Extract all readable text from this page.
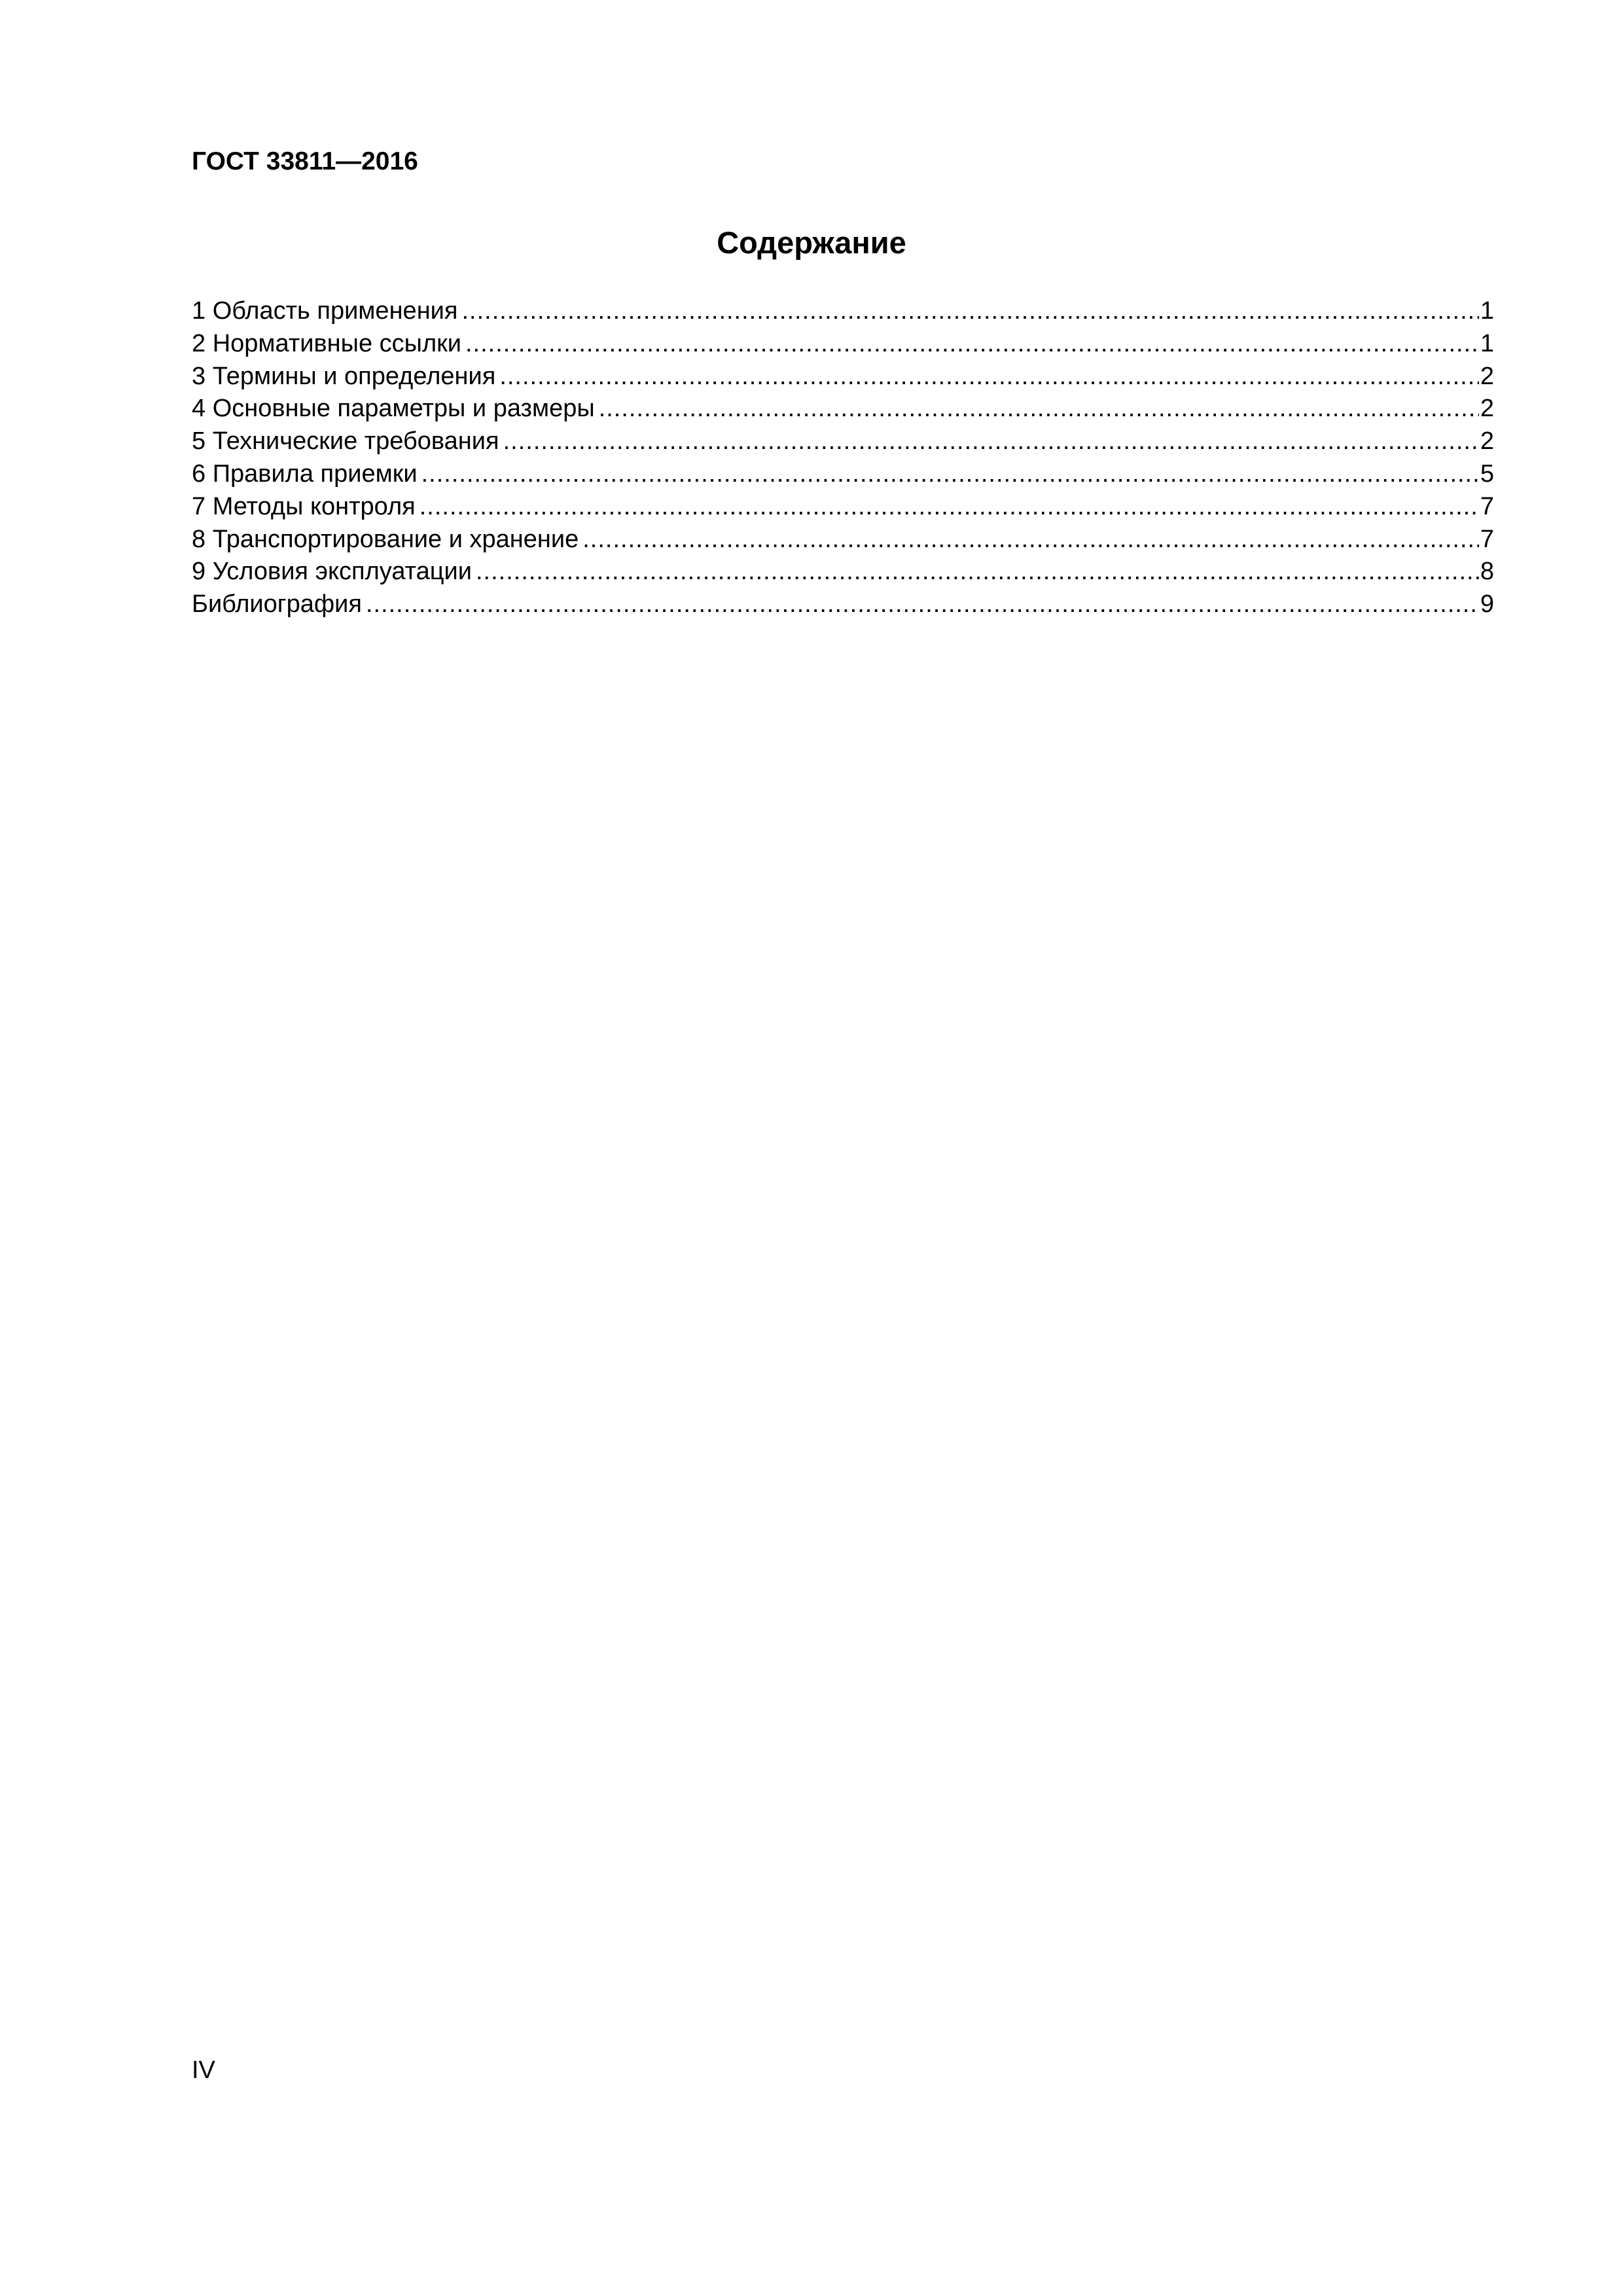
ГОСТ 33811—2016
Содержание
1 Область применения .....	1
2 Нормативные ссылки .....	1
3 Термины и определения .....	2
4 Основные параметры и размеры .....	2
5 Технические требования .....	2
6 Правила приемки .....	5
7 Методы контроля .....	7
8 Транспортирование и хранение .....	7
9 Условия эксплуатации .....	8
Библиография .....	9
IV
